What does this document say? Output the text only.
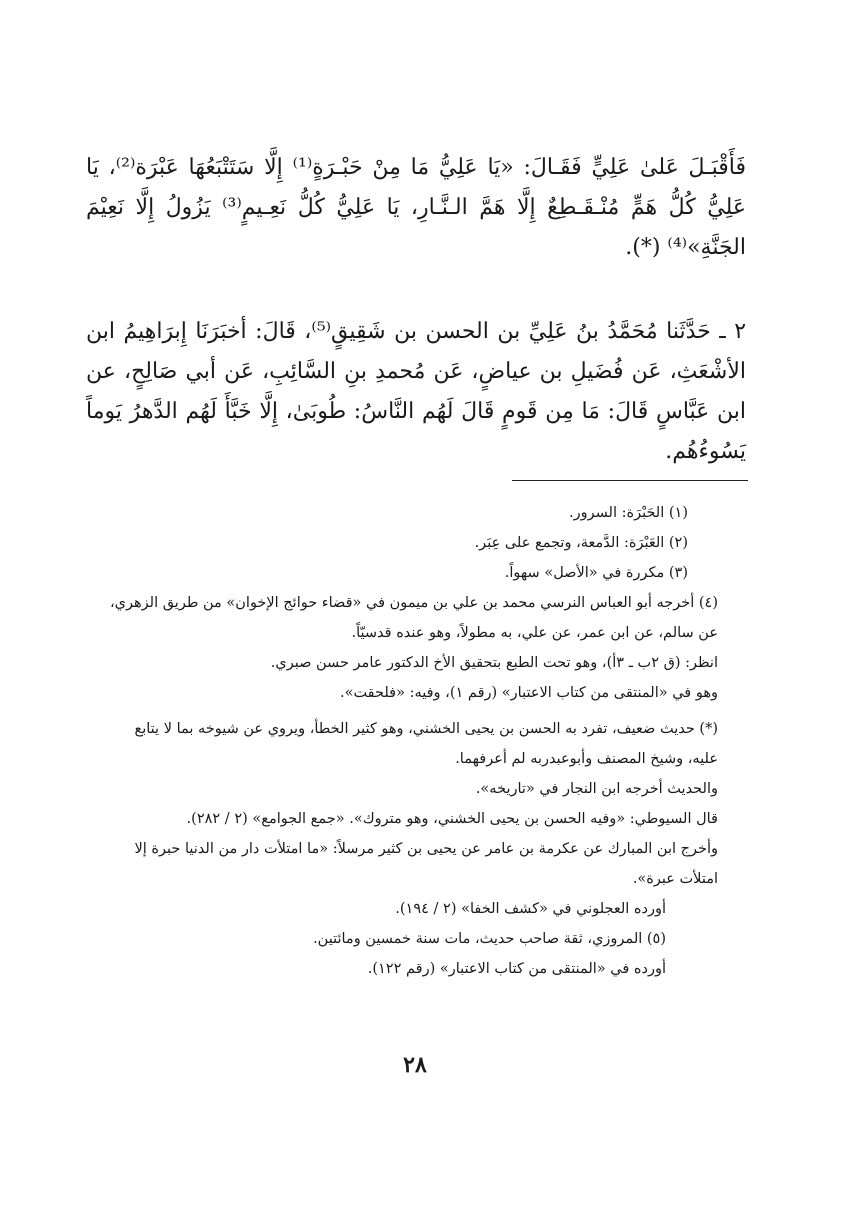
فَأَقْبَـلَ عَلىٰ عَلِيٍّ فَقَـالَ: «يَا عَلِيُّ مَا مِنْ حَبْـرَةٍ⁽¹⁾ إِلَّا سَتَتْبَعُهَا عَبْرَة⁽²⁾، يَا عَلِيُّ كُلُّ هَمٍّ مُنْـقَـطِعٌ إِلَّا هَمَّ الـنَّـارِ، يَا عَلِيُّ كُلُّ نَعِـيمٍ⁽³⁾ يَزُولُ إِلَّا نَعِيْمَ الجَنَّةِ»⁽⁴⁾ (*).

٢ ـ حَدَّثَنا مُحَمَّدُ بنُ عَلِيِّ بن الحسن بن شَقِيقٍ⁽⁵⁾، قَالَ: أخبَرَنَا إِبرَاهِيمُ ابن الأشْعَثِ، عَن فُضَيلِ بن عياضٍ، عَن مُحمدِ بنِ السَّائِبِ، عَن أبي صَالِحٍ، عن ابن عَبَّاسٍ قَالَ: مَا مِن قَومٍ قَالَ لَهُم النَّاسُ: طُوبَىٰ، إِلَّا خَبَّأَ لَهُم الدَّهرُ يَوماً يَسُوءُهُم.

(١) الحَبْرَة: السرور.

(٢) العَبْرَة: الدَّمعة، وتجمع على عِبَر.

(٣) مكررة في «الأصل» سهواً.

(٤) أخرجه أبو العباس النرسي محمد بن علي بن ميمون في «قضاء حوائج الإخوان» من طريق الزهري، عن سالم، عن ابن عمر، عن علي، به مطولاً، وهو عنده قدسيّاً.

انظر: (ق ٢ب ـ ٣أ)، وهو تحت الطبع بتحقيق الأخ الدكتور عامر حسن صبري.

وهو في «المنتقى من كتاب الاعتبار» (رقم ١)، وفيه: «فلحقت».

(*) حديث ضعيف، تفرد به الحسن بن يحيى الخشني، وهو كثير الخطأ، ويروي عن شيوخه بما لا يتابع عليه، وشيخ المصنف وأبوعبدربه لم أعرفهما.

والحديث أخرجه ابن النجار في «تاريخه».

قال السيوطي: «وفيه الحسن بن يحيى الخشني، وهو متروك». «جمع الجوامع» (٢ / ٢٨٢).

وأخرج ابن المبارك عن عكرمة بن عامر عن يحيى بن كثير مرسلاً: «ما امتلأت دار من الدنيا حبرة إلا امتلأت عبرة».

أورده العجلوني في «كشف الخفا» (٢ / ١٩٤).

(٥) المروزي، ثقة صاحب حديث، مات سنة خمسين ومائتين.

أورده في «المنتقى من كتاب الاعتبار» (رقم ١٢٢).

٢٨
